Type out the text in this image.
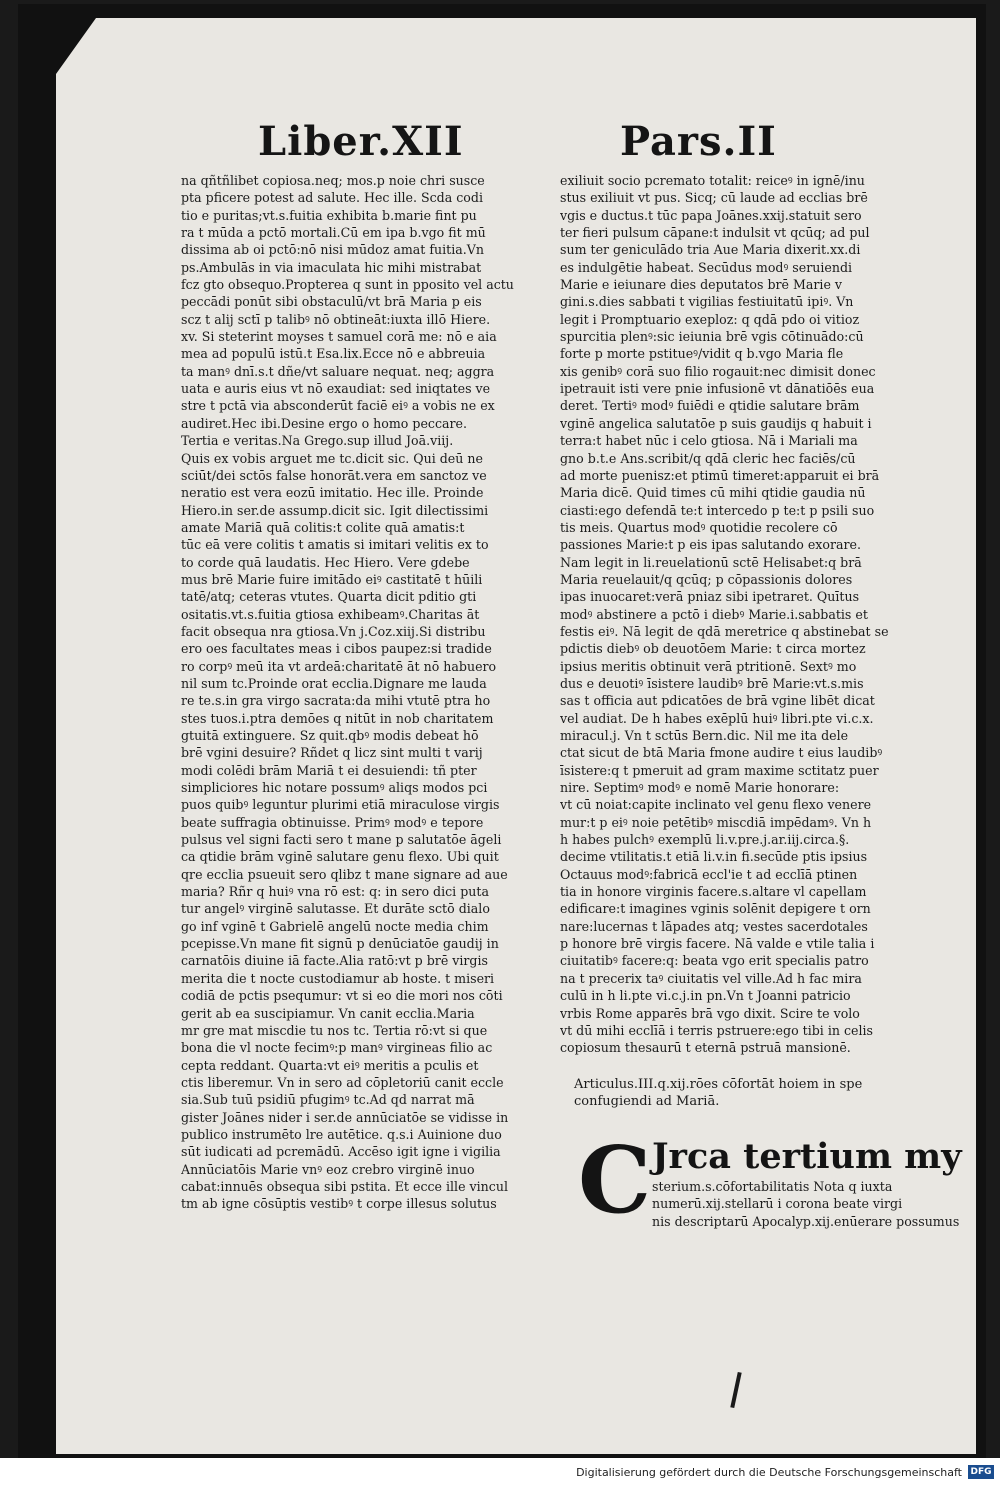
Liber.XII	Pars.II
na qñtñlibet copiosa.neq; mos.p noie chri susce
pta pficere potest ad salute. Hec ille. Scda codi
tio e puritas;vt.s.fuitia exhibita b.marie fint pu
ra t mūda a pctō mortali.Cū em ipa b.vgo fit mū
dissima ab oi pctō:nō nisi mūdoz amat fuitia.Vn
ps.Ambulās in via imaculata hic mihi mistrabat
fcz gto obsequo.Propterea q sunt in pposito vel actu
peccādi ponūt sibi obstaculū/vt brā Maria p eis
scz t alij sctī p talibꝰ nō obtineāt:iuxta illō Hiere.
xv. Si steterint moyses t samuel corā me: nō e aia
mea ad populū istū.t Esa.lix.Ecce nō e abbreuia
ta manꝰ dnī.s.t dñe/vt saluare nequat. neq; aggra
uata e auris eius vt nō exaudiat: sed iniqtates ve
stre t pctā via absconderūt faciē eiꝰ a vobis ne ex
audiret.Hec ibi.Desine ergo o homo peccare.
Tertia e veritas.Na Grego.sup illud Joā.viij.
Quis ex vobis arguet me tc.dicit sic. Qui deū ne
sciūt/dei sctōs false honorāt.vera em sanctoz ve
neratio est vera eozū imitatio. Hec ille. Proinde
Hiero.in ser.de assump.dicit sic. Igit dilectissimi
amate Mariā quā colitis:t colite quā amatis:t
tūc eā vere colitis t amatis si imitari velitis ex to
to corde quā laudatis. Hec Hiero. Vere gdebe
mus brē Marie fuire imitādo eiꝰ castitatē t hūili
tatē/atq; ceteras vtutes. Quarta dicit pditio gti
ositatis.vt.s.fuitia gtiosa exhibeamꝰ.Charitas āt
facit obsequa nra gtiosa.Vn j.Coz.xiij.Si distribu
ero oes facultates meas i cibos paupez:si tradide
ro corpꝰ meū ita vt ardeā:charitatē āt nō habuero
nil sum tc.Proinde orat ecclia.Dignare me lauda
re te.s.in gra virgo sacrata:da mihi vtutē ptra ho
stes tuos.i.ptra demōes q nitūt in nob charitatem
gtuitā extinguere. Sz quit.qbꝰ modis debeat hō
brē vgini desuire? Rñdet q licz sint multi t varij
modi colēdi brām Mariā t ei desuiendi: tñ pter
simpliciores hic notare possumꝰ aliqs modos pci
puos quibꝰ leguntur plurimi etiā miraculose virgis
beate suffragia obtinuisse. Primꝰ modꝰ e tepore
pulsus vel signi facti sero t mane p salutatōe āgeli
ca qtidie brām vginē salutare genu flexo. Ubi quit
qre ecclia psueuit sero qlibz t mane signare ad aue
maria? Rñr q huiꝰ vna rō est: q: in sero dici puta
tur angelꝰ virginē salutasse. Et durāte sctō dialo
go inf vginē t Gabrielē angelū nocte media chim
pcepisse.Vn mane fit signū p denūciatōe gaudij in
carnatōis diuine iā facte.Alia ratō:vt p brē virgis
merita die t nocte custodiamur ab hoste. t miseri
codiā de pctis psequmur: vt si eo die mori nos cōti
gerit ab ea suscipiamur. Vn canit ecclia.Maria
mr gre mat miscdie tu nos tc. Tertia rō:vt si que
bona die vl nocte fecimꝰ:p manꝰ virgineas filio ac
cepta reddant. Quarta:vt eiꝰ meritis a pculis et
ctis liberemur. Vn in sero ad cōpletoriū canit eccle
sia.Sub tuū psidiū pfugimꝰ tc.Ad qd narrat mā
gister Joānes nider i ser.de annūciatōe se vidisse in
publico instrumēto lre autētice. q.s.i Auinione duo
sūt iudicati ad pcremādū. Accēso igit igne i vigilia
Annūciatōis Marie vnꝰ eoz crebro virginē inuo
cabat:innuēs obsequa sibi pstita. Et ecce ille vincul
tm ab igne cōsūptis vestibꝰ t corpe illesus solutus
exiliuit socio pcremato totalit: reiceꝰ in ignē/inu
stus exiliuit vt pus. Sicq; cū laude ad ecclias brē
vgis e ductus.t tūc papa Joānes.xxij.statuit sero
ter fieri pulsum cāpane:t indulsit vt qcūq; ad pul
sum ter geniculādo tria Aue Maria dixerit.xx.di
es indulgētie habeat. Secūdus modꝰ seruiendi
Marie e ieiunare dies deputatos brē Marie v
gini.s.dies sabbati t vigilias festiuitatū ipiꝰ. Vn
legit i Promptuario exeploz: q qdā pdo oi vitioz
spurcitia plenꝰ:sic ieiunia brē vgis cōtinuādo:cū
forte p morte pstitueꝰ/vidit q b.vgo Maria fle
xis genibꝰ corā suo filio rogauit:nec dimisit donec
ipetrauit isti vere pnie infusionē vt dānatiōēs eua
deret. Tertiꝰ modꝰ fuiēdi e qtidie salutare brām
vginē angelica salutatōe p suis gaudijs q habuit i
terra:t habet nūc i celo gtiosa. Nā i Mariali ma
gno b.t.e Ans.scribit/q qdā cleric hec faciēs/cū
ad morte puenisz:et ptimū timeret:apparuit ei brā
Maria dicē. Quid times cū mihi qtidie gaudia nū
ciasti:ego defendā te:t intercedo p te:t p psili suo
tis meis. Quartus modꝰ quotidie recolere cō
passiones Marie:t p eis ipas salutando exorare.
Nam legit in li.reuelationū sctē Helisabet:q brā
Maria reuelauit/q qcūq; p cōpassionis dolores
ipas inuocaret:verā pniaz sibi ipetraret. Quītus
modꝰ abstinere a pctō i diebꝰ Marie.i.sabbatis et
festis eiꝰ. Nā legit de qdā meretrice q abstinebat se
pdictis diebꝰ ob deuotōem Marie: t circa mortez
ipsius meritis obtinuit verā ptritionē. Sextꝰ mo
dus e deuotiꝰ īsistere laudibꝰ brē Marie:vt.s.mis
sas t officia aut pdicatōes de brā vgine libēt dicat
vel audiat. De h habes exēplū huiꝰ libri.pte vi.c.x.
miracul.j. Vn t sctūs Bern.dic. Nil me ita dele
ctat sicut de btā Maria fmone audire t eius laudibꝰ
īsistere:q t pmeruit ad gram maxime sctitatz puer
nire. Septimꝰ modꝰ e nomē Marie honorare:
vt cū noiat:capite inclinato vel genu flexo venere
mur:t p eiꝰ noie petētibꝰ miscdiā impēdamꝰ. Vn h
h habes pulchꝰ exemplū li.v.pre.j.ar.iij.circa.§.
decime vtilitatis.t etiā li.v.in fi.secūde ptis ipsius
Octauus modꝰ:fabricā eccl'ie t ad ecclīā ptinen
tia in honore virginis facere.s.altare vl capellam
edificare:t imagines vginis solēnit depigere t orn
nare:lucernas t lāpades atq; vestes sacerdotales
p honore brē virgis facere. Nā valde e vtile talia i
ciuitatibꝰ facere:q: beata vgo erit specialis patro
na t precerix taꝰ ciuitatis vel ville.Ad h fac mira
culū in h li.pte vi.c.j.in pn.Vn t Joanni patricio
vrbis Rome apparēs brā vgo dixit. Scire te volo
vt dū mihi ecclīā i terris pstruere:ego tibi in celis
copiosum thesaurū t eternā pstruā mansionē.
Articulus.III.q.xij.rōes cōfortāt hoiem in spe
confugiendi ad Mariā.
C Jrca tertium my
sterium.s.cōfortabilitatis Nota q iuxta
numerū.xij.stellarū i corona beate virgi
nis descriptarū Apocalyp.xij.enūerare possumus
Digitalisierung gefördert durch die Deutsche Forschungsgemeinschaft DFG
